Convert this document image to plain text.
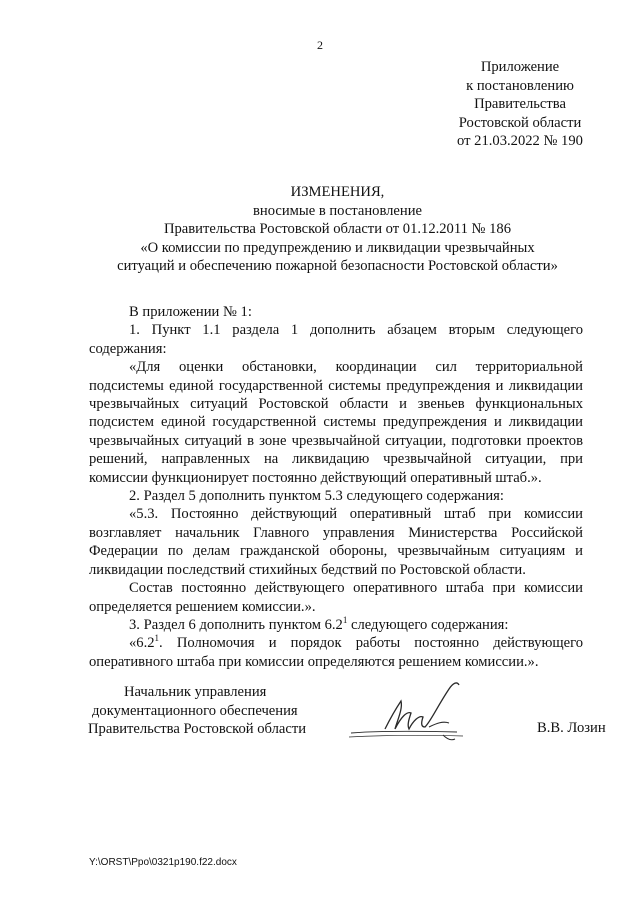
2
Приложение
к постановлению
Правительства
Ростовской области
от 21.03.2022 № 190
ИЗМЕНЕНИЯ,
вносимые в постановление
Правительства Ростовской области от 01.12.2011 № 186
«О комиссии по предупреждению и ликвидации чрезвычайных
ситуаций и обеспечению пожарной безопасности Ростовской области»

В приложении № 1:

1. Пункт 1.1 раздела 1 дополнить абзацем вторым следующего содержания:

«Для оценки обстановки, координации сил территориальной подсистемы единой государственной системы предупреждения и ликвидации чрезвычайных ситуаций Ростовской области и звеньев функциональных подсистем единой государственной системы предупреждения и ликвидации чрезвычайных ситуаций в зоне чрезвычайной ситуации, подготовки проектов решений, направленных на ликвидацию чрезвычайной ситуации, при комиссии функционирует постоянно действующий оперативный штаб.».

2. Раздел 5 дополнить пунктом 5.3 следующего содержания:

«5.3. Постоянно действующий оперативный штаб при комиссии возглавляет начальник Главного управления Министерства Российской Федерации по делам гражданской обороны, чрезвычайным ситуациям и ликвидации последствий стихийных бедствий по Ростовской области.

Состав постоянно действующего оперативного штаба при комиссии определяется решением комиссии.».

3. Раздел 6 дополнить пунктом $6.2^1$ следующего содержания:

«$6.2^1$. Полномочия и порядок работы постоянно действующего оперативного штаба при комиссии определяются решением комиссии.».

Начальник управления
документационного обеспечения
Правительства Ростовской области	В.В. Лозин
Y:\ORST\Ppo\0321p190.f22.docx
